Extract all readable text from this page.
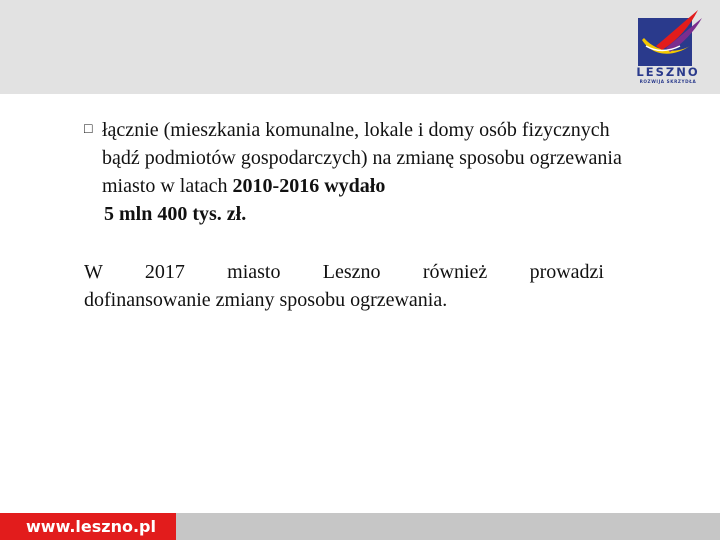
LESZNO
ROZWIJA SKRZYDŁA
□ łącznie (mieszkania komunalne, lokale i domy osób fizycznych bądź podmiotów gospodarczych) na zmianę sposobu ogrzewania miasto w latach 2010-2016 wydało
5 mln 400 tys. zł.
W 2017 miasto Leszno również prowadzi
dofinansowanie zmiany sposobu ogrzewania.
www.leszno.pl
